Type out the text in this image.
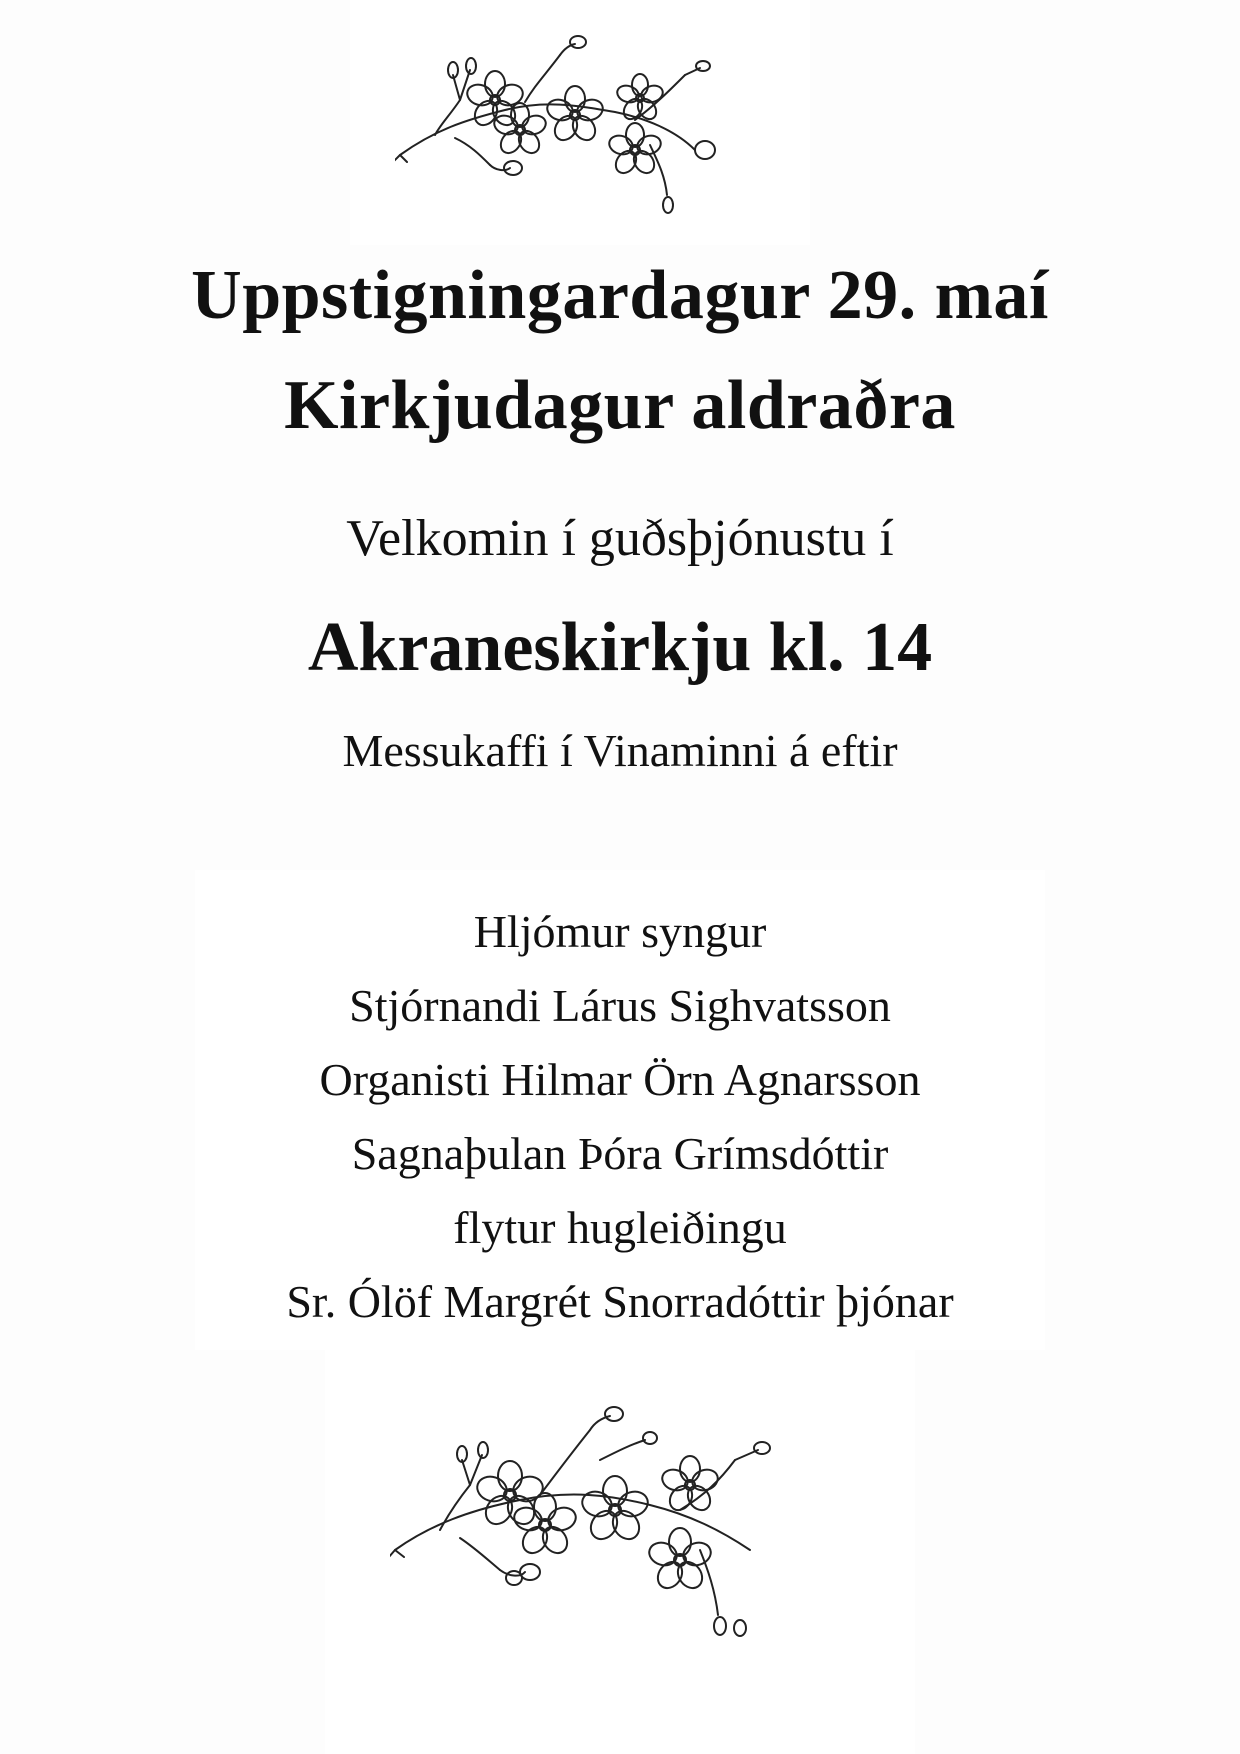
Uppstigningardagur 29. maí
Kirkjudagur aldraðra

Velkomin í guðsþjónustu í

Akraneskirkju kl. 14

Messukaffi í Vinaminni á eftir

Hljómur syngur
Stjórnandi Lárus Sighvatsson
Organisti Hilmar Örn Agnarsson
Sagnaþulan Þóra Grímsdóttir
flytur hugleiðingu
Sr. Ólöf Margrét Snorradóttir þjónar
